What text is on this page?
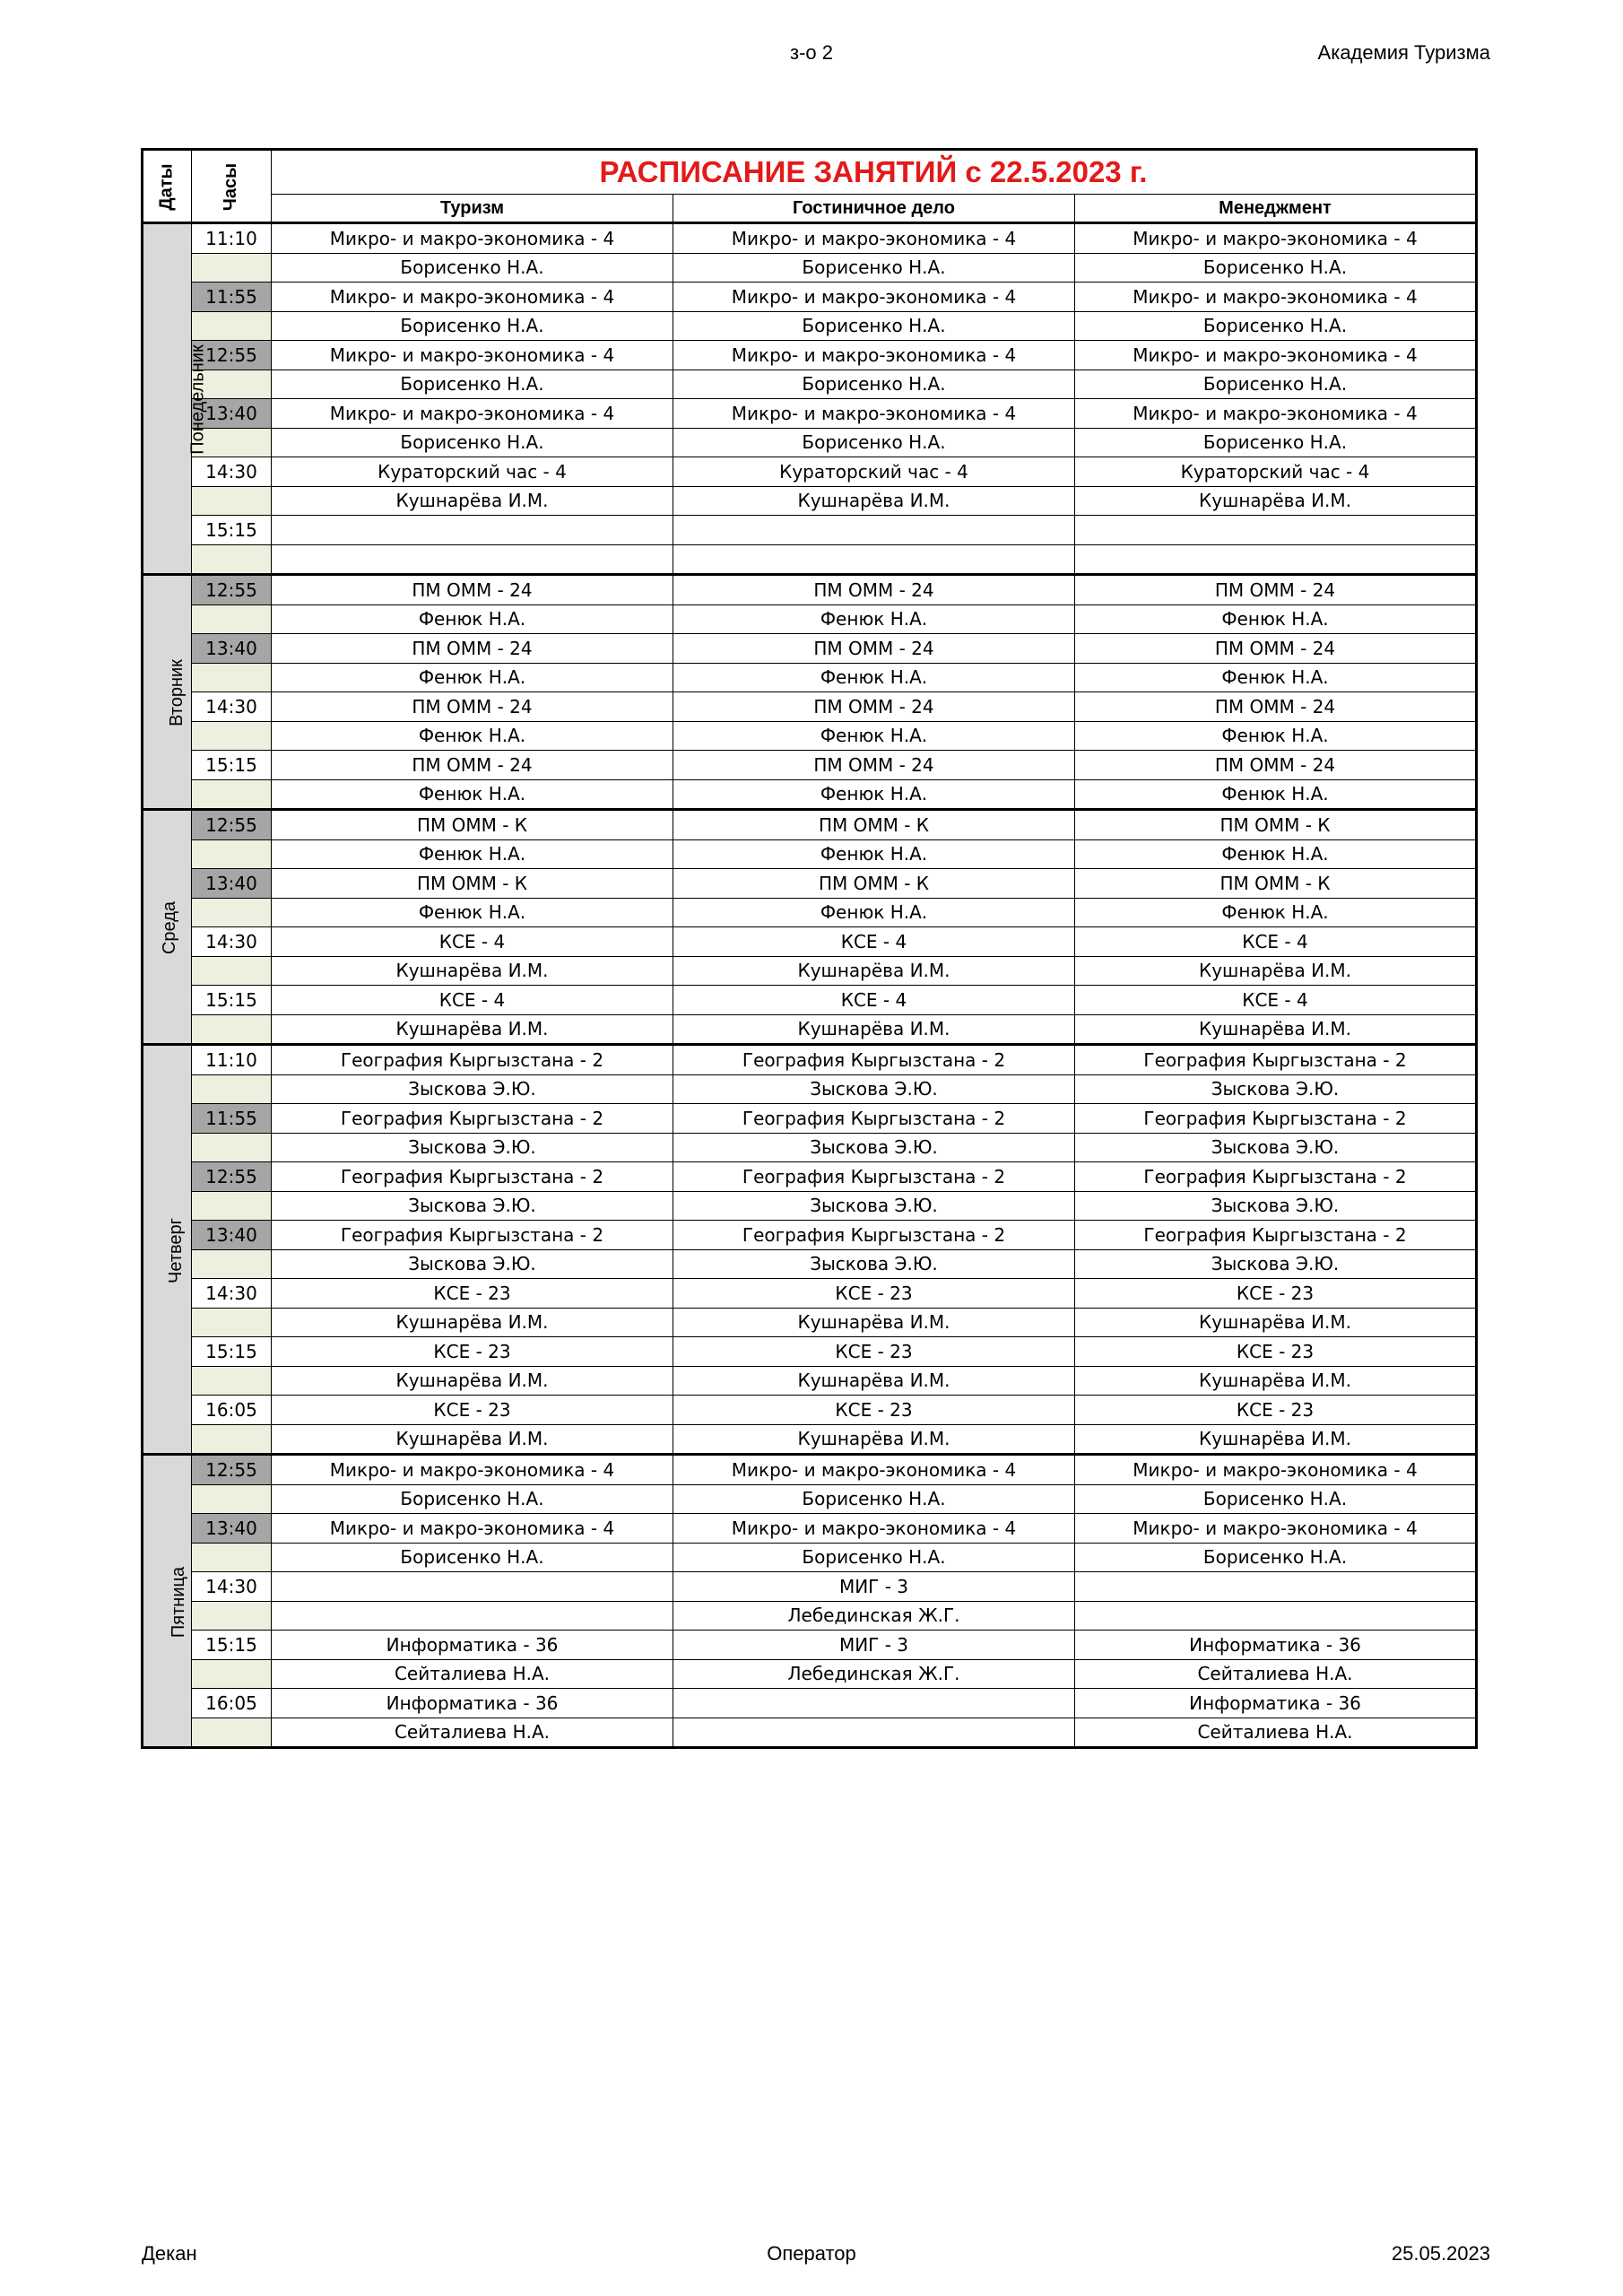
з-о 2	Академия Туризма
Даты	Часы	РАСПИСАНИЕ ЗАНЯТИЙ с 22.5.2023 г.		
		Туризм	Гостиничное дело	Менеджмент
Понедельник	11:10	Микро- и макро-экономика - 4	Микро- и макро-экономика - 4	Микро- и макро-экономика - 4
		Борисенко Н.А.	Борисенко Н.А.	Борисенко Н.А.
	11:55	Микро- и макро-экономика - 4	Микро- и макро-экономика - 4	Микро- и макро-экономика - 4
		Борисенко Н.А.	Борисенко Н.А.	Борисенко Н.А.
	12:55	Микро- и макро-экономика - 4	Микро- и макро-экономика - 4	Микро- и макро-экономика - 4
		Борисенко Н.А.	Борисенко Н.А.	Борисенко Н.А.
	13:40	Микро- и макро-экономика - 4	Микро- и макро-экономика - 4	Микро- и макро-экономика - 4
		Борисенко Н.А.	Борисенко Н.А.	Борисенко Н.А.
	14:30	Кураторский час - 4	Кураторский час - 4	Кураторский час - 4
		Кушнарёва И.М.	Кушнарёва И.М.	Кушнарёва И.М.
	15:15			

Вторник	12:55	ПМ ОММ - 24	ПМ ОММ - 24	ПМ ОММ - 24
		Фенюк Н.А.	Фенюк Н.А.	Фенюк Н.А.
	13:40	ПМ ОММ - 24	ПМ ОММ - 24	ПМ ОММ - 24
		Фенюк Н.А.	Фенюк Н.А.	Фенюк Н.А.
	14:30	ПМ ОММ - 24	ПМ ОММ - 24	ПМ ОММ - 24
		Фенюк Н.А.	Фенюк Н.А.	Фенюк Н.А.
	15:15	ПМ ОММ - 24	ПМ ОММ - 24	ПМ ОММ - 24
		Фенюк Н.А.	Фенюк Н.А.	Фенюк Н.А.
Среда	12:55	ПМ ОММ - К	ПМ ОММ - К	ПМ ОММ - К
		Фенюк Н.А.	Фенюк Н.А.	Фенюк Н.А.
	13:40	ПМ ОММ - К	ПМ ОММ - К	ПМ ОММ - К
		Фенюк Н.А.	Фенюк Н.А.	Фенюк Н.А.
	14:30	КСЕ - 4	КСЕ - 4	КСЕ - 4
		Кушнарёва И.М.	Кушнарёва И.М.	Кушнарёва И.М.
	15:15	КСЕ - 4	КСЕ - 4	КСЕ - 4
		Кушнарёва И.М.	Кушнарёва И.М.	Кушнарёва И.М.
Четверг	11:10	География Кыргызстана - 2	География Кыргызстана - 2	География Кыргызстана - 2
		Зыскова Э.Ю.	Зыскова Э.Ю.	Зыскова Э.Ю.
	11:55	География Кыргызстана - 2	География Кыргызстана - 2	География Кыргызстана - 2
		Зыскова Э.Ю.	Зыскова Э.Ю.	Зыскова Э.Ю.
	12:55	География Кыргызстана - 2	География Кыргызстана - 2	География Кыргызстана - 2
		Зыскова Э.Ю.	Зыскова Э.Ю.	Зыскова Э.Ю.
	13:40	География Кыргызстана - 2	География Кыргызстана - 2	География Кыргызстана - 2
		Зыскова Э.Ю.	Зыскова Э.Ю.	Зыскова Э.Ю.
	14:30	КСЕ - 23	КСЕ - 23	КСЕ - 23
		Кушнарёва И.М.	Кушнарёва И.М.	Кушнарёва И.М.
	15:15	КСЕ - 23	КСЕ - 23	КСЕ - 23
		Кушнарёва И.М.	Кушнарёва И.М.	Кушнарёва И.М.
	16:05	КСЕ - 23	КСЕ - 23	КСЕ - 23
		Кушнарёва И.М.	Кушнарёва И.М.	Кушнарёва И.М.
Пятница	12:55	Микро- и макро-экономика - 4	Микро- и макро-экономика - 4	Микро- и макро-экономика - 4
		Борисенко Н.А.	Борисенко Н.А.	Борисенко Н.А.
	13:40	Микро- и макро-экономика - 4	Микро- и макро-экономика - 4	Микро- и макро-экономика - 4
		Борисенко Н.А.	Борисенко Н.А.	Борисенко Н.А.
	14:30		МИГ - 3	
			Лебединская Ж.Г.	
	15:15	Информатика - 36	МИГ - 3	Информатика - 36
		Сейталиева Н.А.	Лебединская Ж.Г.	Сейталиева Н.А.
	16:05	Информатика - 36		Информатика - 36
		Сейталиева Н.А.		Сейталиева Н.А.
Декан	Оператор	25.05.2023
